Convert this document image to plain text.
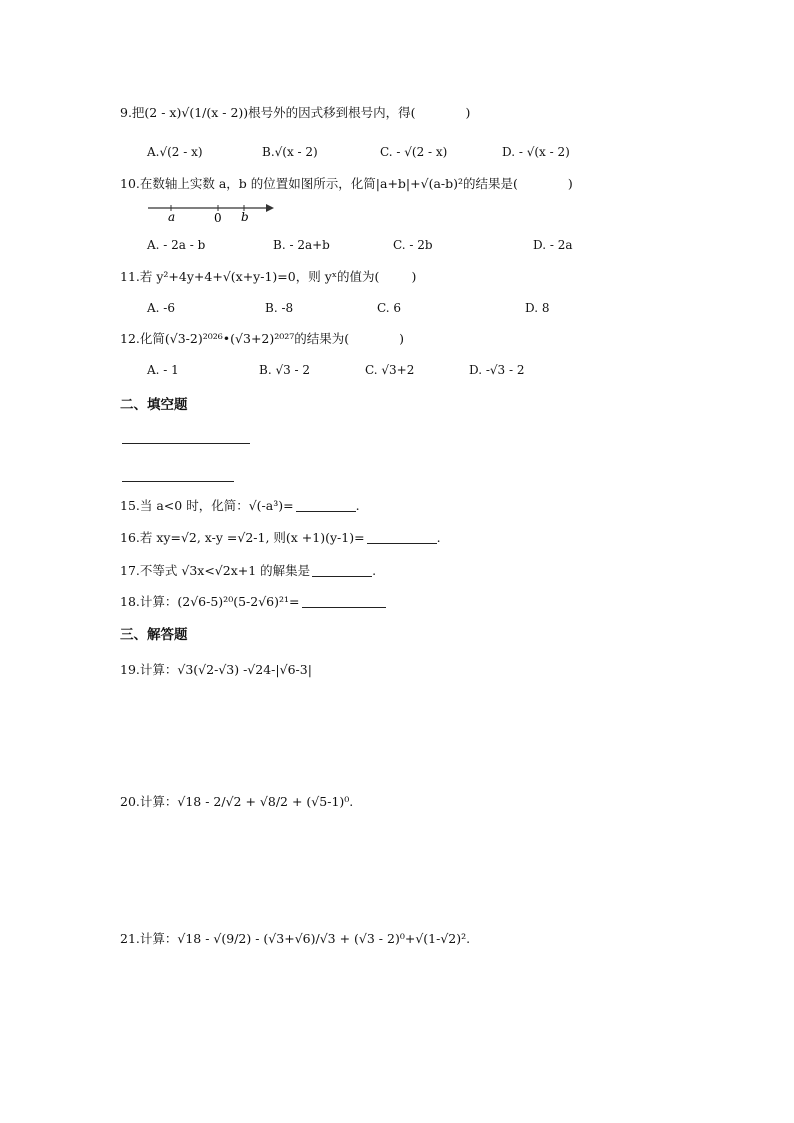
9.把(2 - x)√(1/(x - 2))根号外的因式移到根号内，得(	)
A.√(2 - x)	B.√(x - 2)	C. - √(2 - x)	D. - √(x - 2)
10.在数轴上实数 a，b 的位置如图所示，化简|a+b|+√(a-b)²的结果是(	)
a	0 b
A. - 2a - b	B. - 2a+b	C. - 2b	D. - 2a
11.若 y²+4y+4+√(x+y-1)=0，则 yˣ的值为(	)
A. -6	B. -8	C. 6	D. 8
12.化简(√3-2)²⁰²⁶•(√3+2)²⁰²⁷的结果为(	)
A. - 1	B. √3 - 2	C. √3+2	D. -√3 - 2
二、填空题
15.当 a<0 时，化简：√(-a³)=	.
16.若 xy=√2, x-y =√2-1, 则(x +1)(y-1)=	.
17.不等式 √3x<√2x+1 的解集是	.
18.计算：(2√6-5)²⁰(5-2√6)²¹=
三、解答题
19.计算：√3(√2-√3) -√24-|√6-3|
20.计算：√18 - 2/√2 + √8/2 + (√5-1)⁰.
21.计算：√18 - √(9/2) - (√3+√6)/√3 + (√3 - 2)⁰+√(1-√2)².
